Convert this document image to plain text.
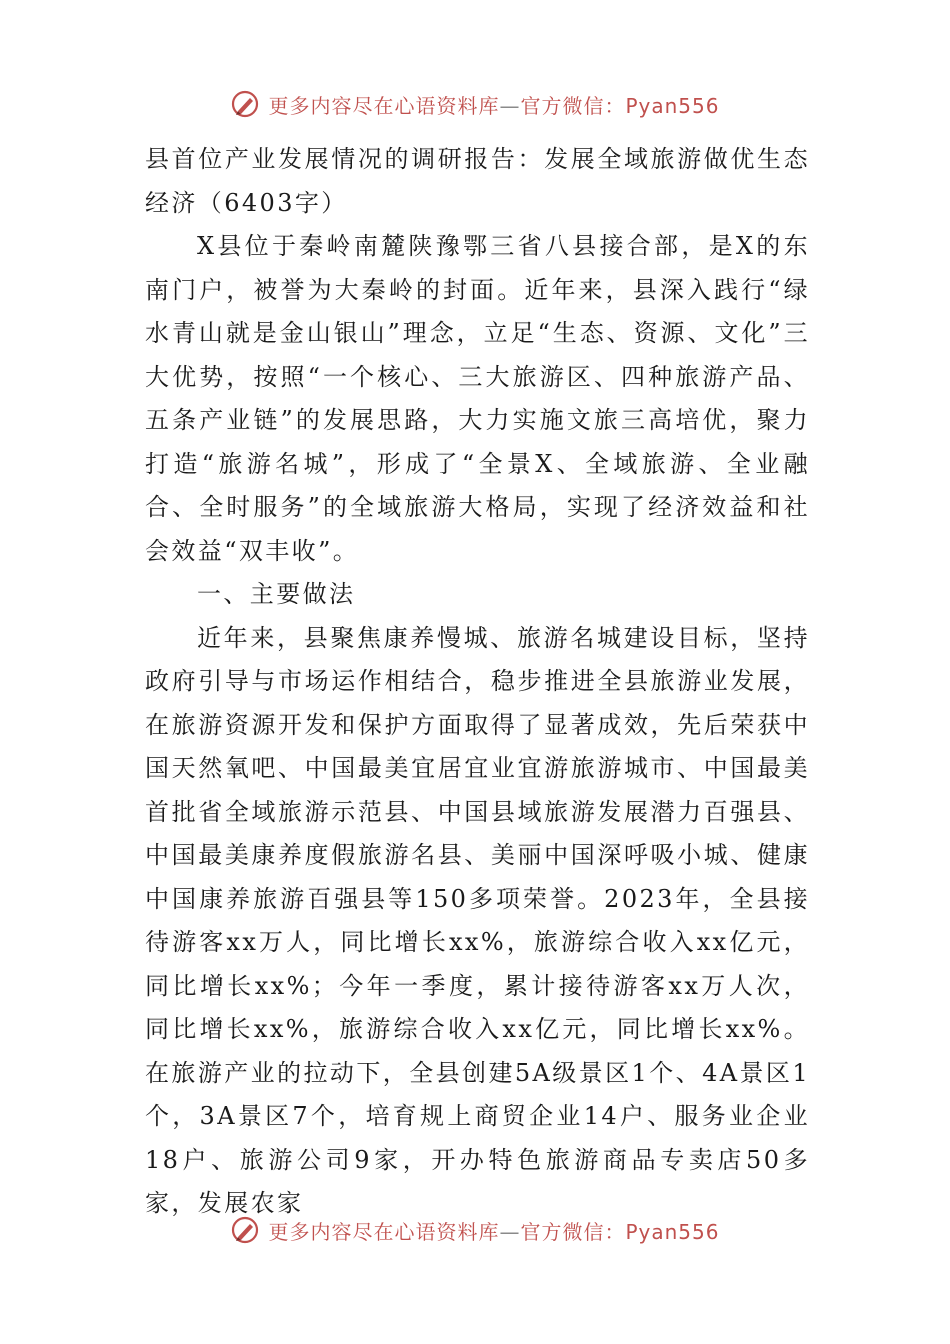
更多内容尽在心语资料库—官方微信：Pyan556

县首位产业发展情况的调研报告：发展全域旅游做优生态经济（6403字）

X县位于秦岭南麓陕豫鄂三省八县接合部，是X的东南门户，被誉为大秦岭的封面。近年来，县深入践行“绿水青山就是金山银山”理念，立足“生态、资源、文化”三大优势，按照“一个核心、三大旅游区、四种旅游产品、五条产业链”的发展思路，大力实施文旅三高培优，聚力打造“旅游名城”，形成了“全景X、全域旅游、全业融合、全时服务”的全域旅游大格局，实现了经济效益和社会效益“双丰收”。

一、主要做法

近年来，县聚焦康养慢城、旅游名城建设目标，坚持政府引导与市场运作相结合，稳步推进全县旅游业发展，在旅游资源开发和保护方面取得了显著成效，先后荣获中国天然氧吧、中国最美宜居宜业宜游旅游城市、中国最美首批省全域旅游示范县、中国县域旅游发展潜力百强县、中国最美康养度假旅游名县、美丽中国深呼吸小城、健康中国康养旅游百强县等150多项荣誉。2023年，全县接待游客xx万人，同比增长xx%，旅游综合收入xx亿元，同比增长xx%；今年一季度，累计接待游客xx万人次，同比增长xx%，旅游综合收入xx亿元，同比增长xx%。在旅游产业的拉动下，全县创建5A级景区1个、4A景区1个，3A景区7个，培育规上商贸企业14户、服务业企业18户、旅游公司9家，开办特色旅游商品专卖店50多家，发展农家

更多内容尽在心语资料库—官方微信：Pyan556
